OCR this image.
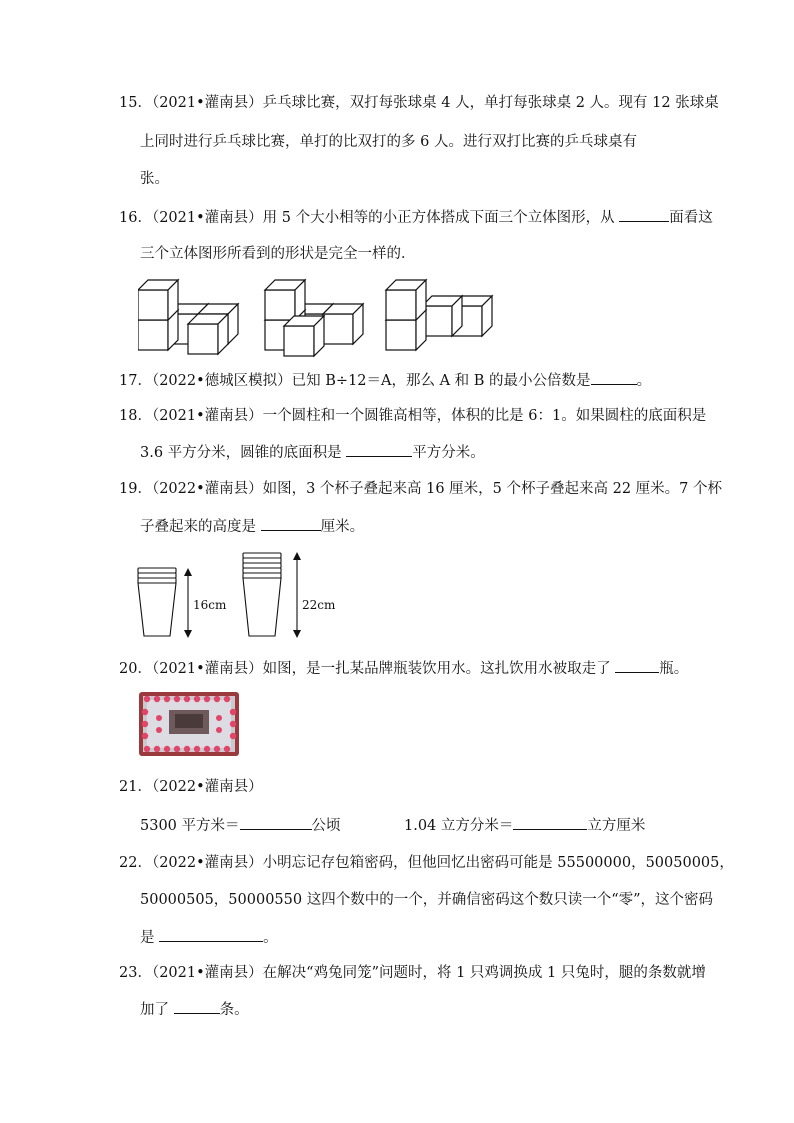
15．（2021•灌南县）乒乓球比赛，双打每张球桌 4 人，单打每张球桌 2 人。现有 12 张球桌
上同时进行乒乓球比赛，单打的比双打的多 6 人。进行双打比赛的乒乓球桌有
张。
16．（2021•灌南县）用 5 个大小相等的小正方体搭成下面三个立体图形，从	面看这
三个立体图形所看到的形状是完全一样的．
17．（2022•德城区模拟）已知 B÷12＝A，那么 A 和 B 的最小公倍数是	。
18．（2021•灌南县）一个圆柱和一个圆锥高相等，体积的比是 6：1。如果圆柱的底面积是
3.6 平方分米，圆锥的底面积是	平方分米。
19．（2022•灌南县）如图，3 个杯子叠起来高 16 厘米，5 个杯子叠起来高 22 厘米。7 个杯
子叠起来的高度是	厘米。
16cm	22cm
20．（2021•灌南县）如图，是一扎某品牌瓶装饮用水。这扎饮用水被取走了	瓶。
21．（2022•灌南县）
5300 平方米＝	公顷	1.04 立方分米＝	立方厘米
22．（2022•灌南县）小明忘记存包箱密码，但他回忆出密码可能是 55500000，50050005，
50000505，50000550 这四个数中的一个，并确信密码这个数只读一个“零”，这个密码
是	。
23．（2021•灌南县）在解决“鸡兔同笼”问题时，将 1 只鸡调换成 1 只兔时，腿的条数就增
加了	条。
